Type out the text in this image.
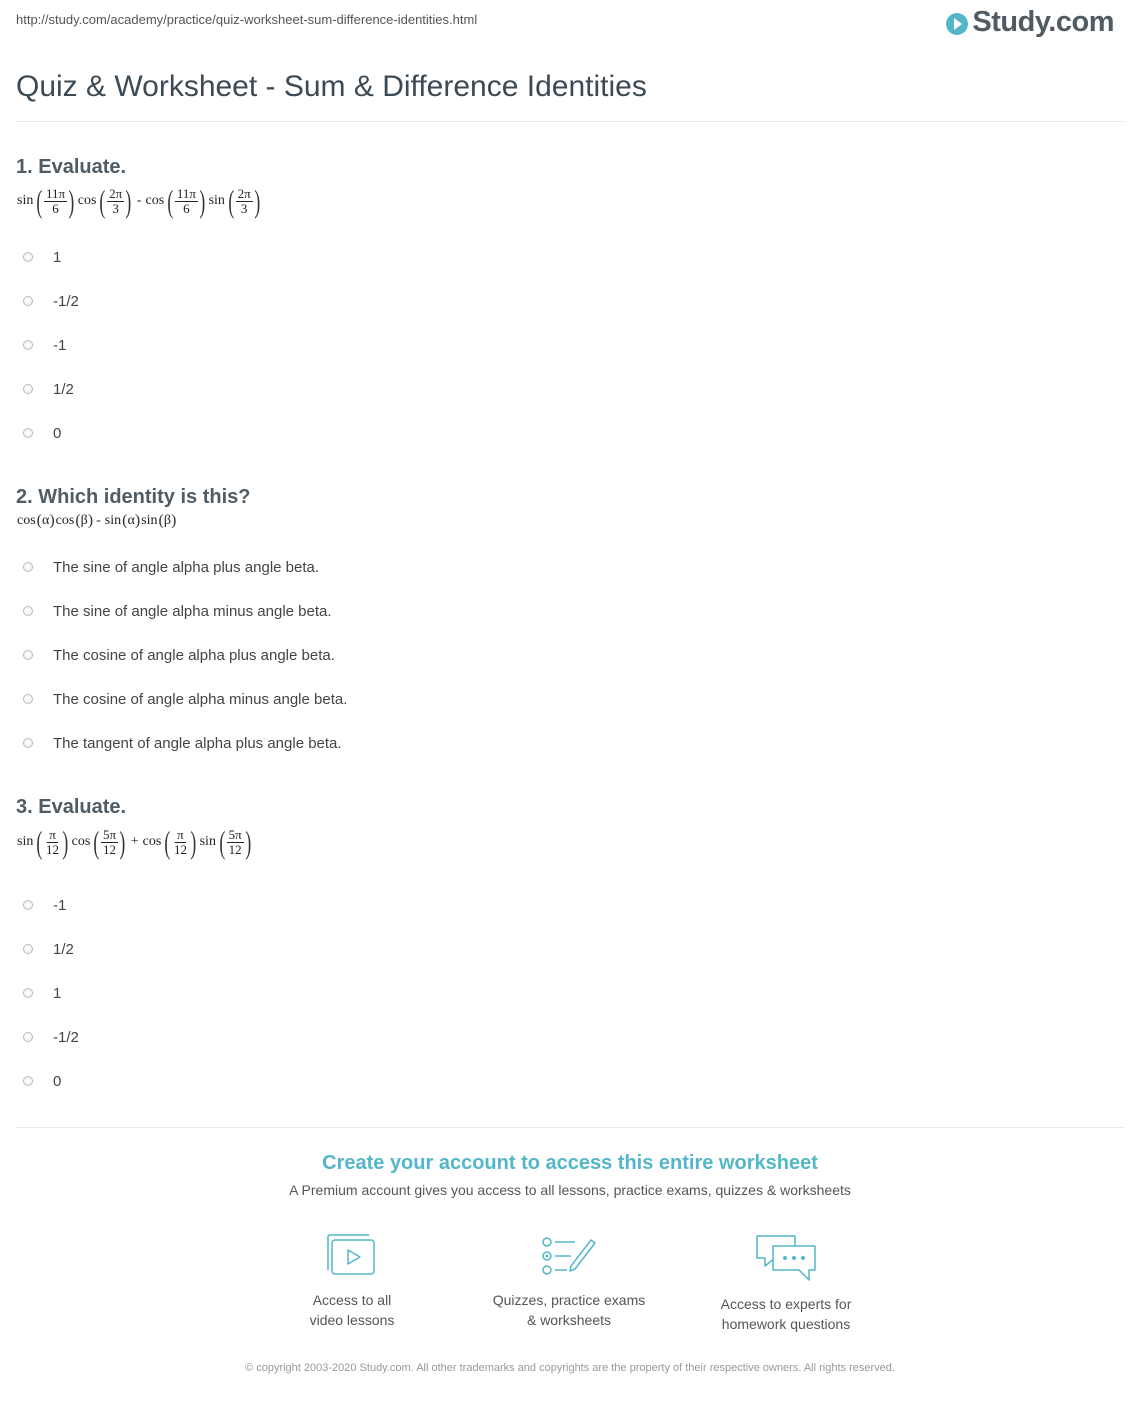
http://study.com/academy/practice/quiz-worksheet-sum-difference-identities.html	Study.com
Quiz & Worksheet - Sum & Difference Identities
1. Evaluate.
sin ( $\frac{11\pi}{6}$ ) cos ( $\frac{2\pi}{3}$ ) - cos ( $\frac{11\pi}{6}$ ) sin ( $\frac{2\pi}{3}$ )
1
-1/2
-1
1/2
0
2. Which identity is this?
cos ( α ) cos ( β ) - sin ( α ) sin ( β )
The sine of angle alpha plus angle beta.
The sine of angle alpha minus angle beta.
The cosine of angle alpha plus angle beta.
The cosine of angle alpha minus angle beta.
The tangent of angle alpha plus angle beta.
3. Evaluate.
sin ( $\frac{\pi}{12}$ ) cos ( $\frac{5\pi}{12}$ ) + cos ( $\frac{\pi}{12}$ ) sin ( $\frac{5\pi}{12}$ )
-1
1/2
1
-1/2
0
Create your account to access this entire worksheet
A Premium account gives you access to all lessons, practice exams, quizzes & worksheets
Access to all
video lessons
Quizzes, practice exams
& worksheets
Access to experts for
homework questions
© copyright 2003-2020 Study.com. All other trademarks and copyrights are the property of their respective owners. All rights reserved.
